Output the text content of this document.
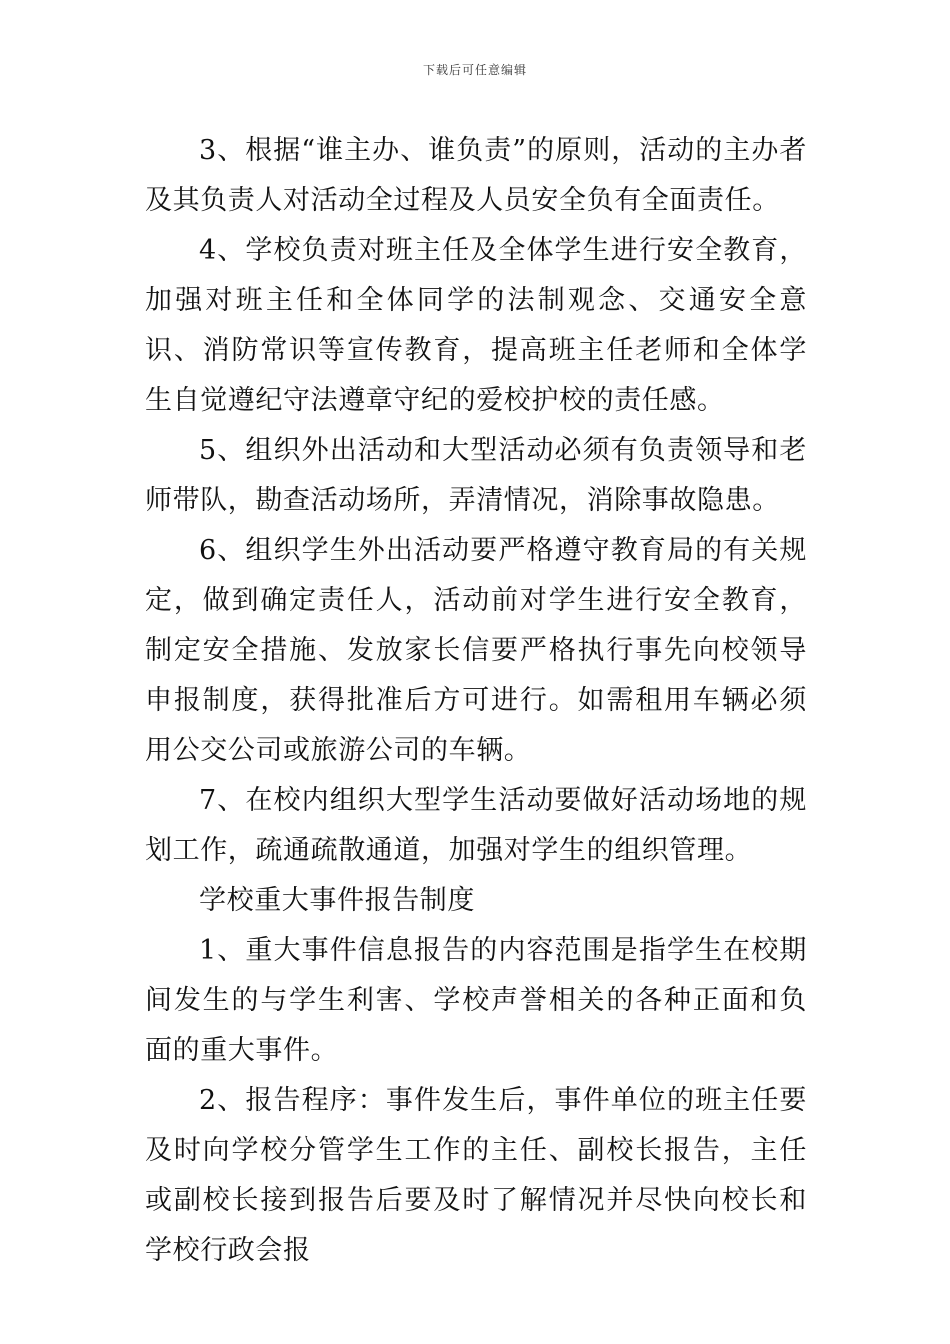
下载后可任意编辑

3、根据“谁主办、谁负责”的原则，活动的主办者及其负责人对活动全过程及人员安全负有全面责任。

4、学校负责对班主任及全体学生进行安全教育，加强对班主任和全体同学的法制观念、交通安全意识、消防常识等宣传教育，提高班主任老师和全体学生自觉遵纪守法遵章守纪的爱校护校的责任感。

5、组织外出活动和大型活动必须有负责领导和老师带队，勘查活动场所，弄清情况，消除事故隐患。

6、组织学生外出活动要严格遵守教育局的有关规定，做到确定责任人，活动前对学生进行安全教育，制定安全措施、发放家长信要严格执行事先向校领导申报制度，获得批准后方可进行。如需租用车辆必须用公交公司或旅游公司的车辆。

7、在校内组织大型学生活动要做好活动场地的规划工作，疏通疏散通道，加强对学生的组织管理。

学校重大事件报告制度

1、重大事件信息报告的内容范围是指学生在校期间发生的与学生利害、学校声誉相关的各种正面和负面的重大事件。

2、报告程序：事件发生后，事件单位的班主任要及时向学校分管学生工作的主任、副校长报告，主任或副校长接到报告后要及时了解情况并尽快向校长和学校行政会报
